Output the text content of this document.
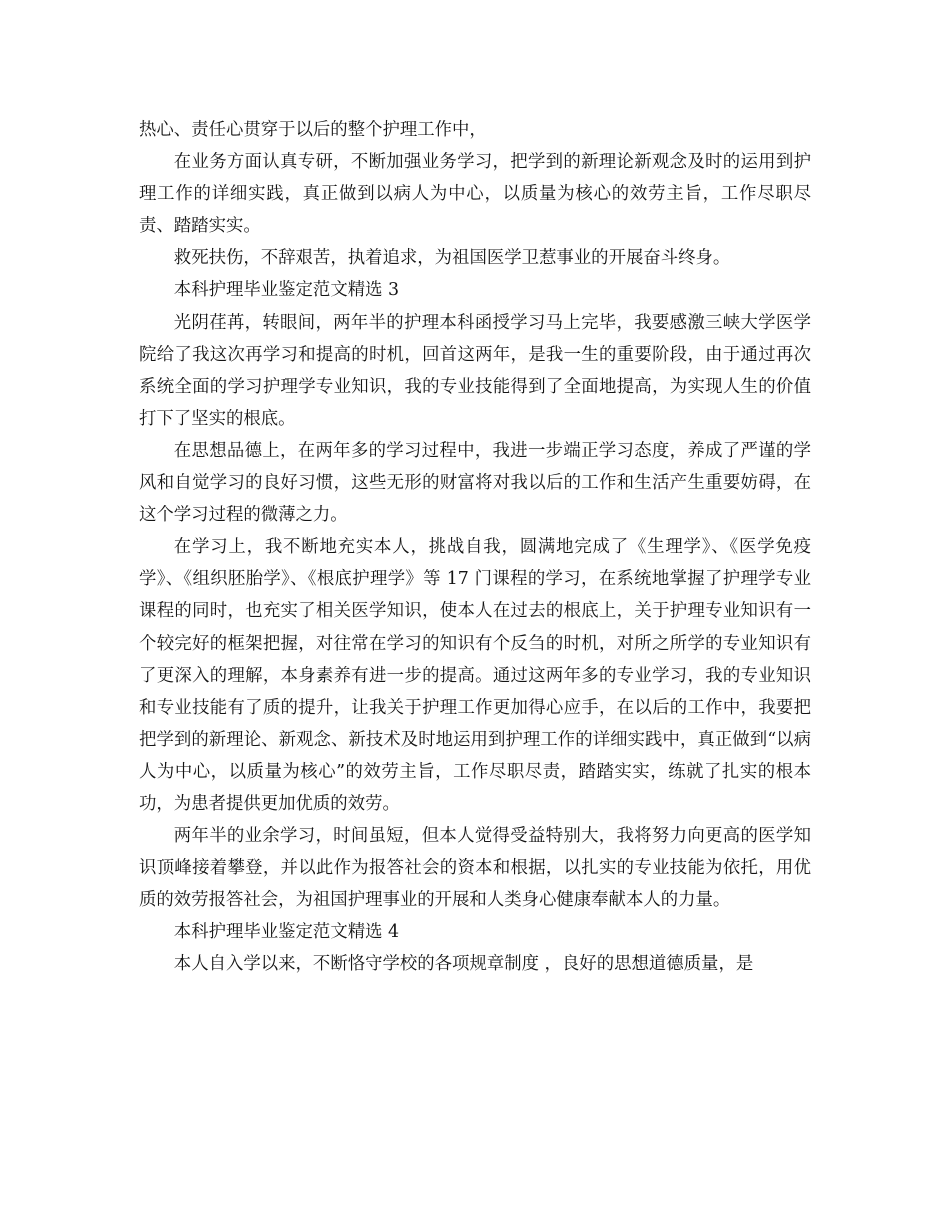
热心、责任心贯穿于以后的整个护理工作中，

在业务方面认真专研，不断加强业务学习，把学到的新理论新观念及时的运用到护理工作的详细实践，真正做到以病人为中心，以质量为核心的效劳主旨，工作尽职尽责、踏踏实实。

救死扶伤，不辞艰苦，执着追求，为祖国医学卫惹事业的开展奋斗终身。

本科护理毕业鉴定范文精选 3

光阴荏苒，转眼间，两年半的护理本科函授学习马上完毕，我要感激三峡大学医学院给了我这次再学习和提高的时机，回首这两年，是我一生的重要阶段，由于通过再次系统全面的学习护理学专业知识，我的专业技能得到了全面地提高，为实现人生的价值打下了坚实的根底。

在思想品德上，在两年多的学习过程中，我进一步端正学习态度，养成了严谨的学风和自觉学习的良好习惯，这些无形的财富将对我以后的工作和生活产生重要妨碍，在这个学习过程的微薄之力。

在学习上，我不断地充实本人，挑战自我，圆满地完成了《生理学》、《医学免疫学》、《组织胚胎学》、《根底护理学》等 17 门课程的学习，在系统地掌握了护理学专业课程的同时，也充实了相关医学知识，使本人在过去的根底上，关于护理专业知识有一个较完好的框架把握，对往常在学习的知识有个反刍的时机，对所之所学的专业知识有了更深入的理解，本身素养有进一步的提高。通过这两年多的专业学习，我的专业知识和专业技能有了质的提升，让我关于护理工作更加得心应手，在以后的工作中，我要把把学到的新理论、新观念、新技术及时地运用到护理工作的详细实践中，真正做到“以病人为中心，以质量为核心”的效劳主旨，工作尽职尽责，踏踏实实，练就了扎实的根本功，为患者提供更加优质的效劳。

两年半的业余学习，时间虽短，但本人觉得受益特别大，我将努力向更高的医学知识顶峰接着攀登，并以此作为报答社会的资本和根据，以扎实的专业技能为依托，用优质的效劳报答社会，为祖国护理事业的开展和人类身心健康奉献本人的力量。

本科护理毕业鉴定范文精选 4

本人自入学以来，不断恪守学校的各项规章制度 ，良好的思想道德质量，是
